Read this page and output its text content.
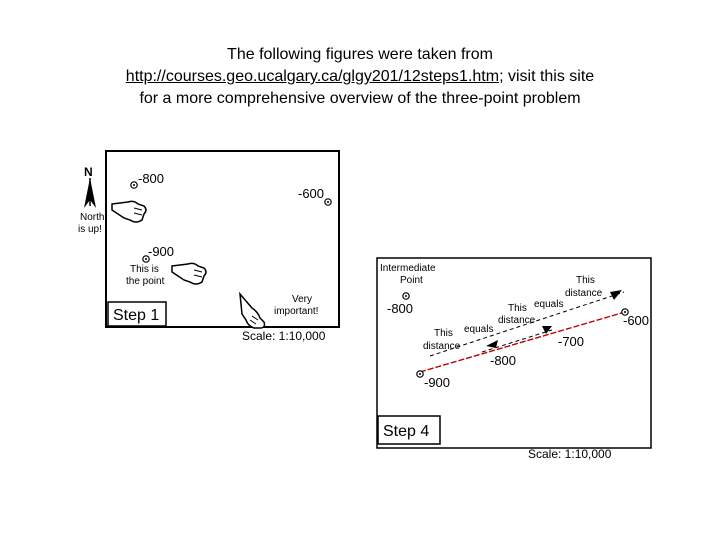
The following figures were taken from
http://courses.geo.ucalgary.ca/glgy201/12steps1.htm; visit this site
for a more comprehensive overview of the three-point problem
N
North
is up!
-800
-600
-900
This is
the point
Step 1
Very
important!
Scale: 1:10,000
Intermediate
Point
-800
This
distance
This equals
distance
This equals
distance
-600
-700
-800
-900
Step 4
Scale: 1:10,000
